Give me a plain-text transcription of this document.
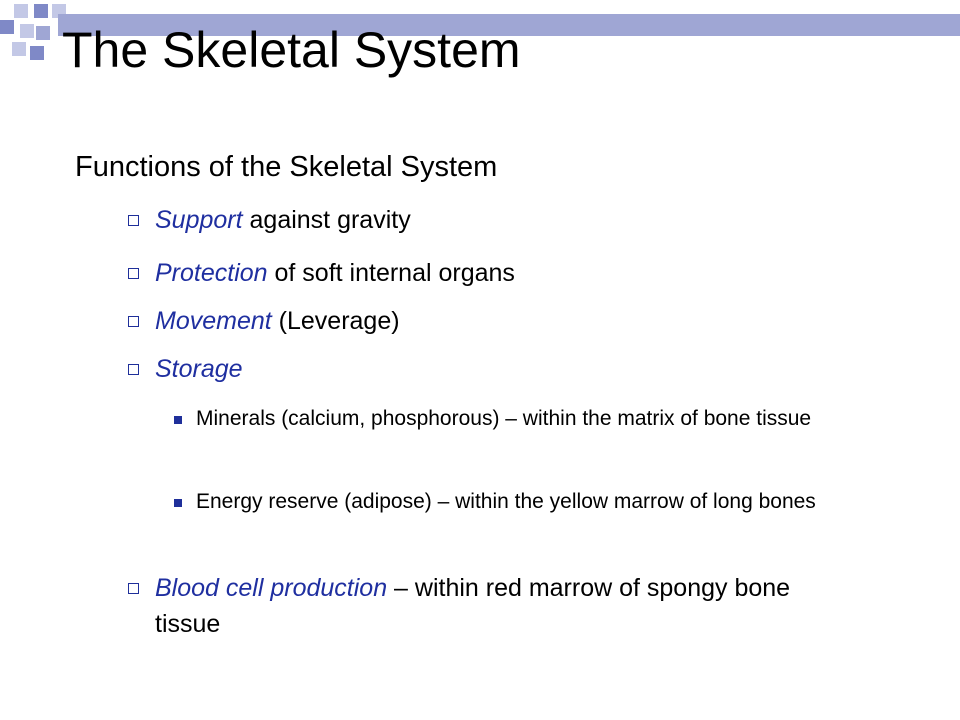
The Skeletal System
Functions of the Skeletal System
Support against gravity
Protection of soft internal organs
Movement (Leverage)
Storage
Minerals (calcium, phosphorous) – within the matrix of bone tissue
Energy reserve (adipose) – within the yellow marrow of long bones
Blood cell production – within red marrow of spongy bone tissue
